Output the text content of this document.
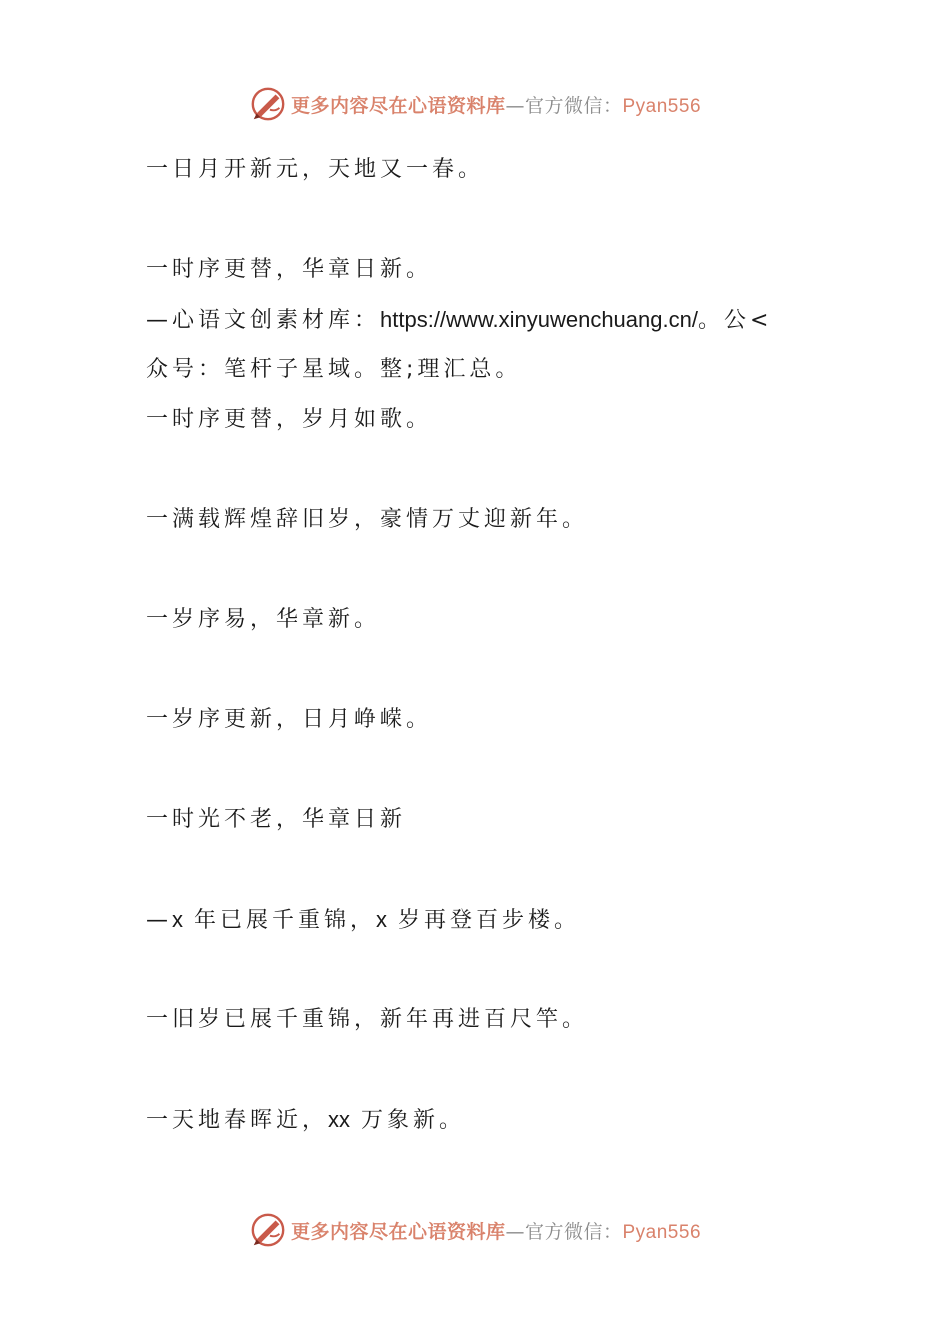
更多内容尽在心语资料库—官方微信：Pyan556
一日月开新元，天地又一春。
一时序更替，华章日新。
—心语文创素材库：https://www.xinyuwenchuang.cn/。公<
众号：笔杆子星域。整;理汇总。
一时序更替，岁月如歌。
一满载辉煌辞旧岁，豪情万丈迎新年。
一岁序易，华章新。
一岁序更新，日月峥嵘。
一时光不老，华章日新
—x 年已展千重锦，x 岁再登百步楼。
一旧岁已展千重锦，新年再进百尺竿。
一天地春晖近，xx 万象新。
更多内容尽在心语资料库—官方微信：Pyan556
